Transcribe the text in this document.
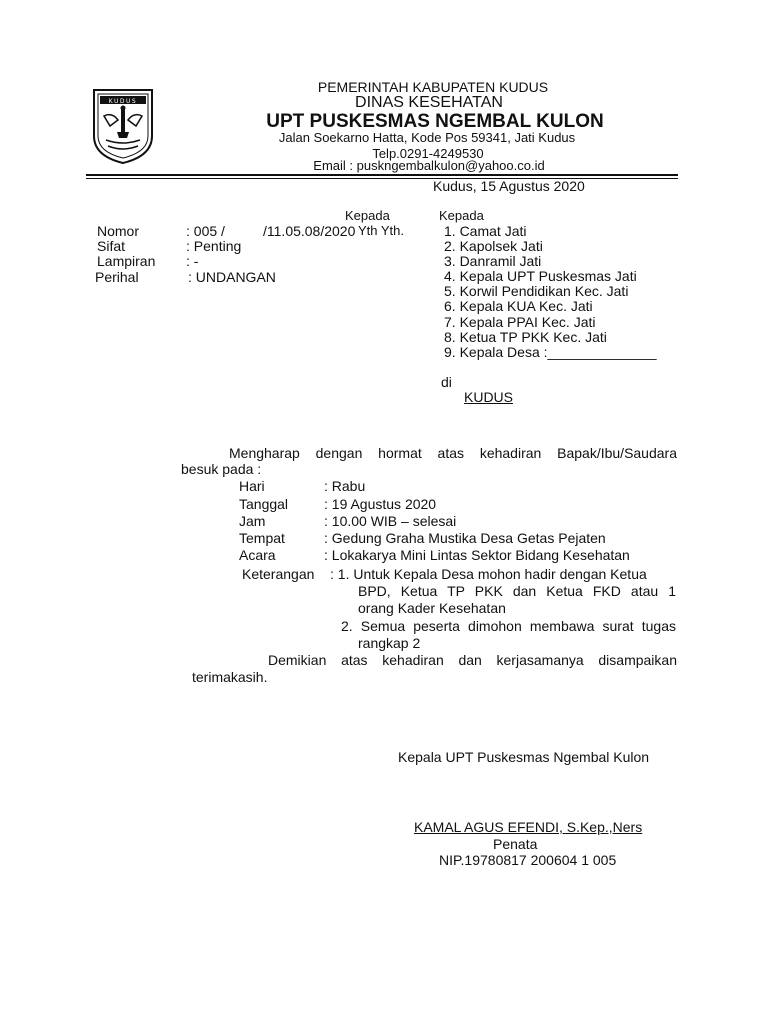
KUDUS
PEMERINTAH KABUPATEN KUDUS
DINAS KESEHATAN
UPT PUSKESMAS NGEMBAL KULON
Jalan Soekarno Hatta, Kode Pos 59341, Jati Kudus
Telp.0291-4249530
Email : puskngembalkulon@yahoo.co.id
Kudus, 15 Agustus 2020
Nomor	: 005 /	/11.05.08/2020
Sifat	: Penting
Lampiran : -
Perihal	: UNDANGAN
Kepada	Kepada
Yth Yth.	1. Camat Jati
2. Kapolsek Jati
3. Danramil Jati
4. Kepala UPT Puskesmas Jati
5. Korwil Pendidikan Kec. Jati
6. Kepala KUA Kec. Jati
7. Kepala PPAI Kec. Jati
8. Ketua TP PKK Kec. Jati
9. Kepala Desa :______________
di
KUDUS
Mengharap dengan hormat atas kehadiran Bapak/Ibu/Saudara
besuk pada :
Hari	: Rabu
Tanggal	: 19 Agustus 2020
Jam	: 10.00 WIB – selesai
Tempat	: Gedung Graha Mustika Desa Getas Pejaten
Acara	: Lokakarya Mini Lintas Sektor Bidang Kesehatan
Keterangan : 1. Untuk Kepala Desa mohon hadir dengan Ketua
BPD, Ketua TP PKK dan Ketua FKD atau 1
orang Kader Kesehatan
2. Semua peserta dimohon membawa surat tugas
rangkap 2
Demikian atas kehadiran dan kerjasamanya disampaikan
terimakasih.
Kepala UPT Puskesmas Ngembal Kulon
KAMAL AGUS EFENDI, S.Kep.,Ners
Penata
NIP.19780817 200604 1 005
